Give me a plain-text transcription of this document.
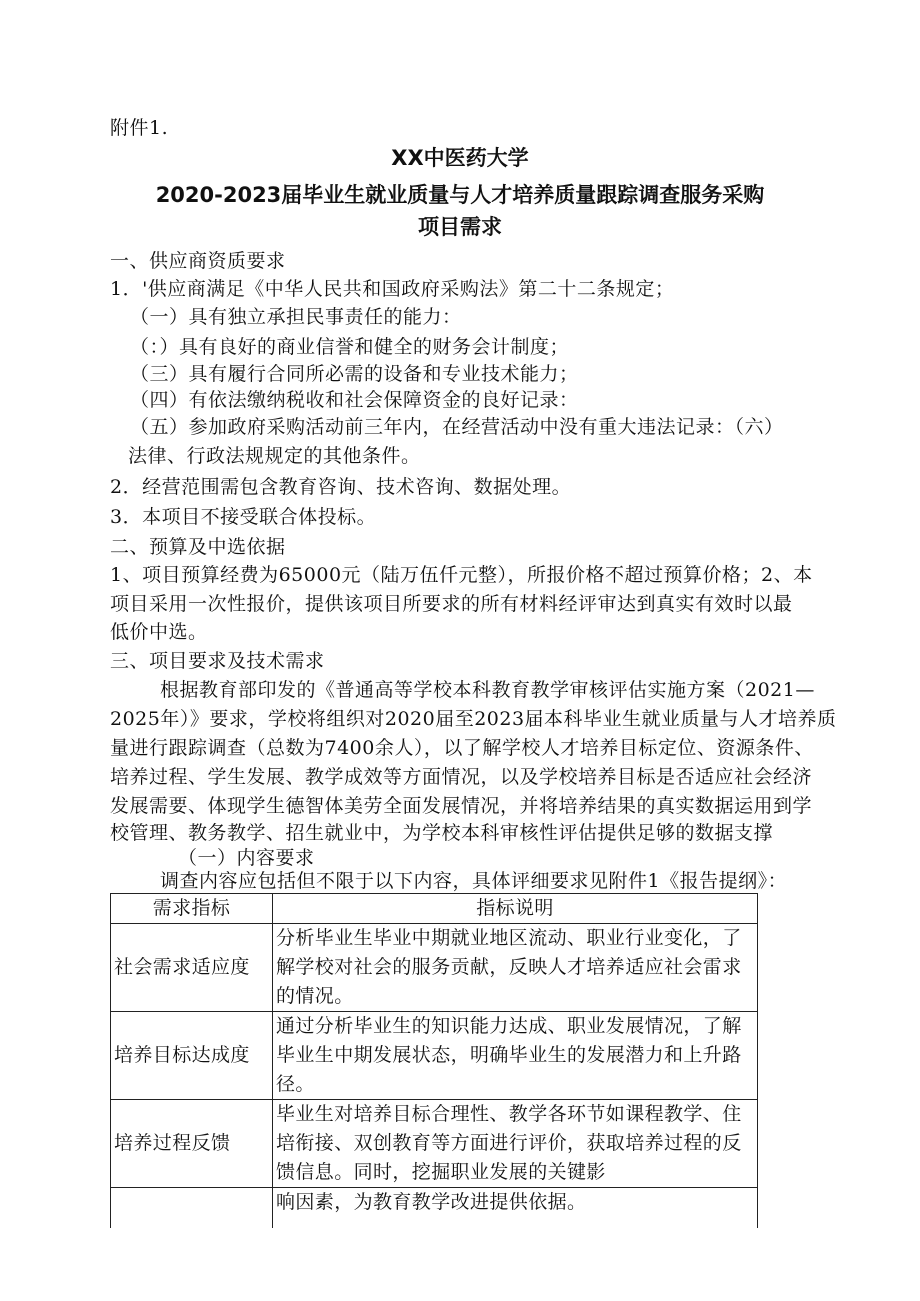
附件1.
XX中医药大学
2020-2023届毕业生就业质量与人才培养质量跟踪调查服务采购
项目需求
一、供应商资质要求
1．'供应商满足《中华人民共和国政府采购法》第二十二条规定；
（一）具有独立承担民事责任的能力：
（：）具有良好的商业信誉和健全的财务会计制度；
（三）具有履行合同所必需的设备和专业技术能力；
（四）有依法缴纳税收和社会保障资金的良好记录：
（五）参加政府采购活动前三年内，在经营活动中没有重大违法记录：（六）
法律、行政法规规定的其他条件。
2．经营范围需包含教育咨询、技术咨询、数据处理。
3．本项目不接受联合体投标。
二、预算及中选依据
1、项目预算经费为65000元（陆万伍仟元整），所报价格不超过预算价格；2、本
项目采用一次性报价，提供该项目所要求的所有材料经评审达到真实有效时以最
低价中选。
三、项目要求及技术需求
根据教育部印发的《普通高等学校本科教育教学审核评估实施方案（2021—
2025年）》要求，学校将组织对2020届至2023届本科毕业生就业质量与人才培养质
量进行跟踪调查（总数为7400余人），以了解学校人才培养目标定位、资源条件、
培养过程、学生发展、教学成效等方面情况，以及学校培养目标是否适应社会经济
发展需要、体现学生德智体美劳全面发展情况，并将培养结果的真实数据运用到学
校管理、教务教学、招生就业中，为学校本科审核性评估提供足够的数据支撑
（一）内容要求
调查内容应包括但不限于以下内容，具体评细要求见附件1《报告提纲》：
需求指标	指标说明
社会需求适应度	分析毕业生毕业中期就业地区流动、职业行业变化，了
解学校对社会的服务贡献，反映人才培养适应社会雷求
的情况。

培养目标达成度	通过分析毕业生的知识能力达成、职业发展情况，了解
毕业生中期发展状态，明确毕业生的发展潜力和上升路
径。

培养过程反馈	毕业生对培养目标合理性、教学各环节如课程教学、住
培衔接、双创教育等方面进行评价，获取培养过程的反
馈信息。同时，挖掘职业发展的关键影

	响因素，为教育教学改进提供依据。
